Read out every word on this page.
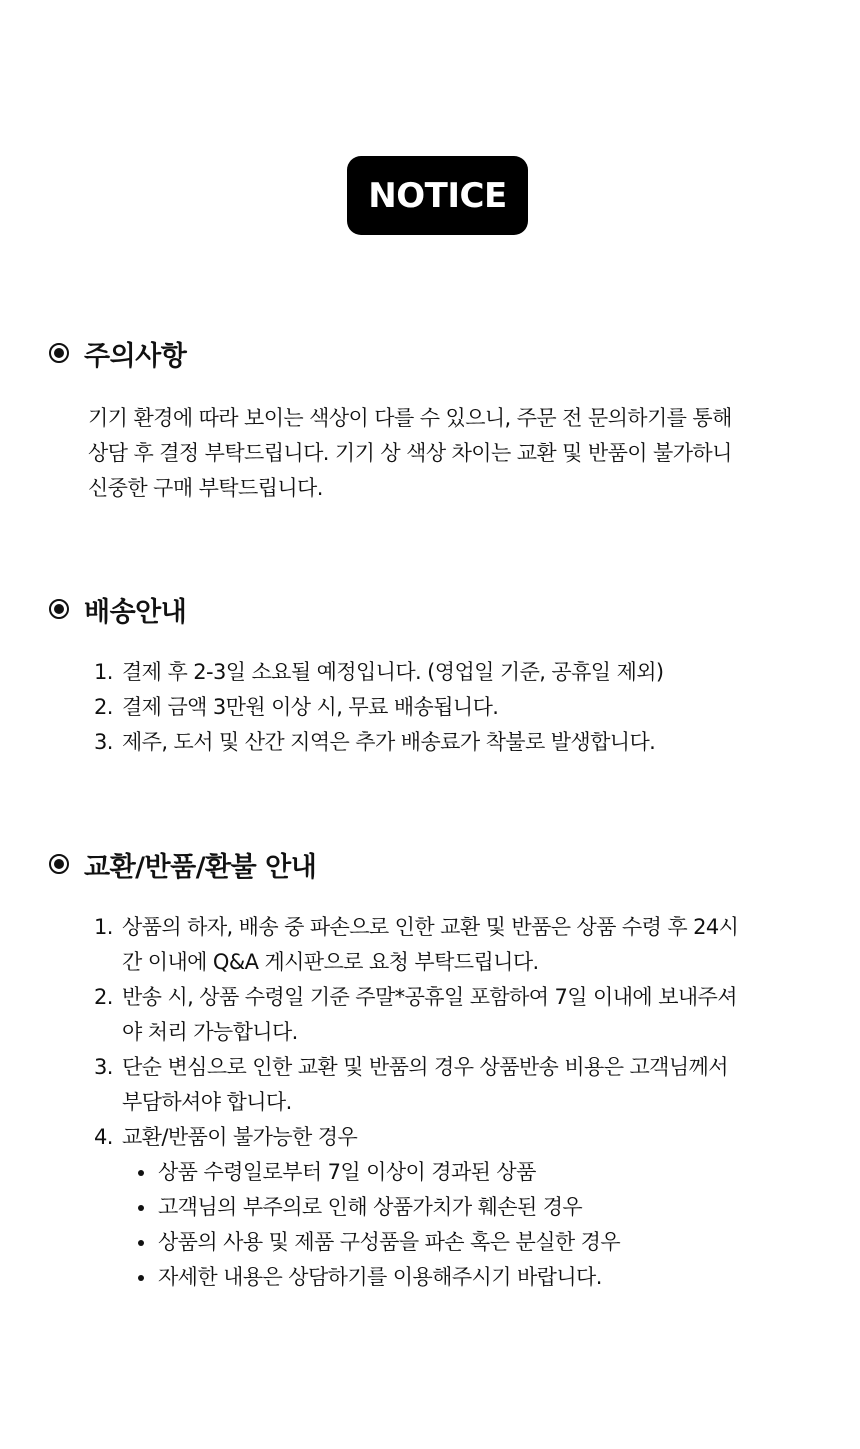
NOTICE
주의사항
기기 환경에 따라 보이는 색상이 다를 수 있으니, 주문 전 문의하기를 통해
상담 후 결정 부탁드립니다. 기기 상 색상 차이는 교환 및 반품이 불가하니
신중한 구매 부탁드립니다.
배송안내
1. 결제 후 2-3일 소요될 예정입니다. (영업일 기준, 공휴일 제외)
2. 결제 금액 3만원 이상 시, 무료 배송됩니다.
3. 제주, 도서 및 산간 지역은 추가 배송료가 착불로 발생합니다.
교환/반품/환불 안내
1. 상품의 하자, 배송 중 파손으로 인한 교환 및 반품은 상품 수령 후 24시
간 이내에 Q&A 게시판으로 요청 부탁드립니다.
2. 반송 시, 상품 수령일 기준 주말*공휴일 포함하여 7일 이내에 보내주셔
야 처리 가능합니다.
3. 단순 변심으로 인한 교환 및 반품의 경우 상품반송 비용은 고객님께서
부담하셔야 합니다.
4. 교환/반품이 불가능한 경우
상품 수령일로부터 7일 이상이 경과된 상품
고객님의 부주의로 인해 상품가치가 훼손된 경우
상품의 사용 및 제품 구성품을 파손 혹은 분실한 경우
자세한 내용은 상담하기를 이용해주시기 바랍니다.
